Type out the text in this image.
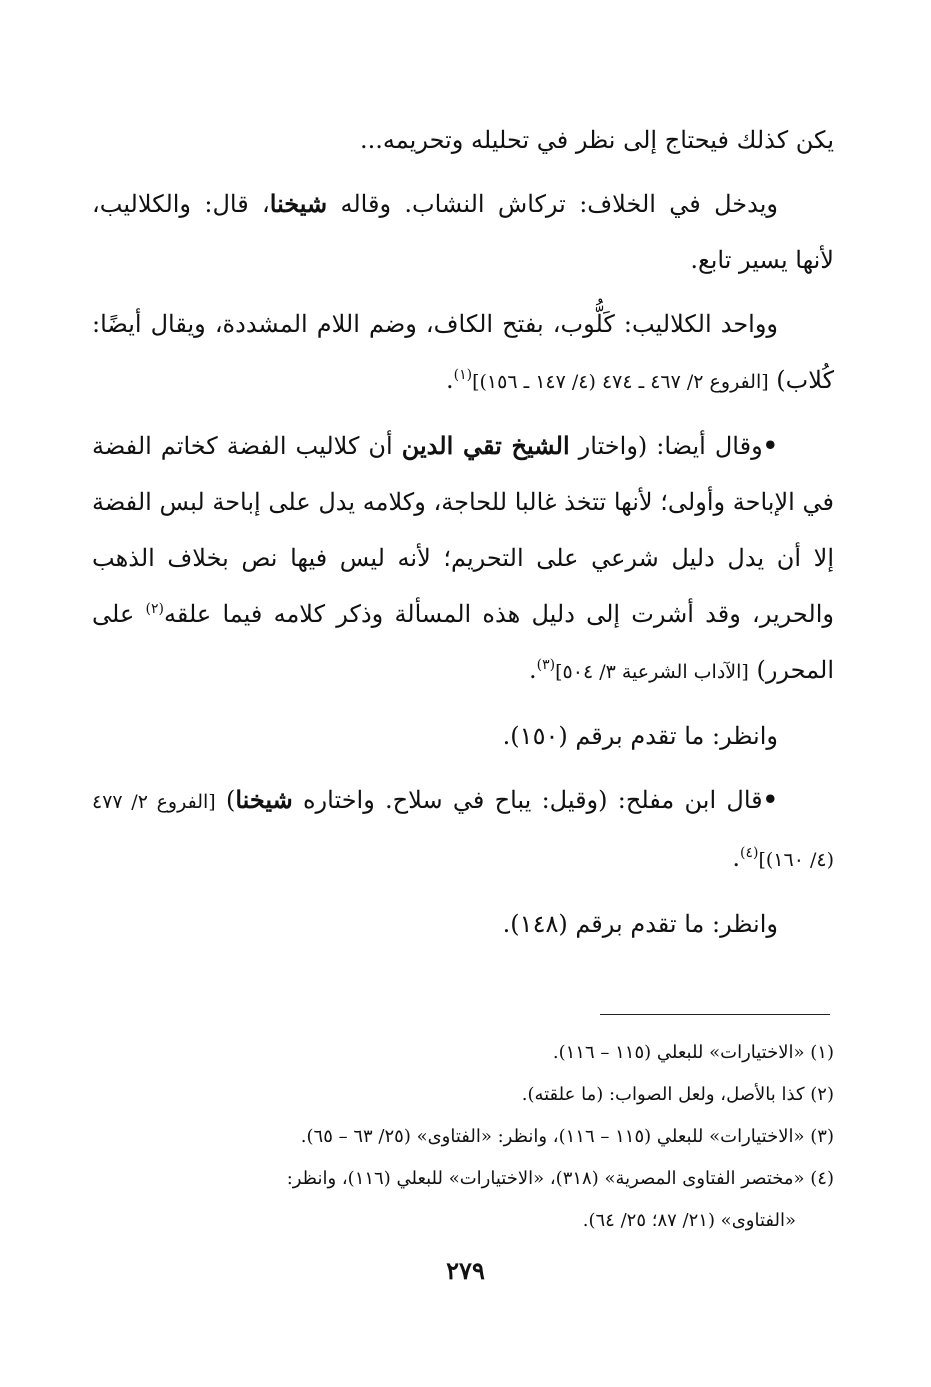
يكن كذلك فيحتاج إلى نظر في تحليله وتحريمه...

ويدخل في الخلاف: تركاش النشاب. وقاله شيخنا، قال: والكلاليب، لأنها يسير تابع.

وواحد الكلاليب: كَلُّوب، بفتح الكاف، وضم اللام المشددة، ويقال أيضًا: كُلاب) [الفروع ٢/ ٤٦٧ ـ ٤٧٤ (٤/ ١٤٧ ـ ١٥٦)]$^{(١)}$.

•وقال أيضا: (واختار الشيخ تقي الدين أن كلاليب الفضة كخاتم الفضة في الإباحة وأولى؛ لأنها تتخذ غالبا للحاجة، وكلامه يدل على إباحة لبس الفضة إلا أن يدل دليل شرعي على التحريم؛ لأنه ليس فيها نص بخلاف الذهب والحرير، وقد أشرت إلى دليل هذه المسألة وذكر كلامه فيما علقه$^{(٢)}$ على المحرر) [الآداب الشرعية ٣/ ٥٠٤]$^{(٣)}$.

وانظر: ما تقدم برقم (١٥٠).

•قال ابن مفلح: (وقيل: يباح في سلاح. واختاره شيخنا) [الفروع ٢/ ٤٧٧ (٤/ ١٦٠)]$^{(٤)}$.

وانظر: ما تقدم برقم (١٤٨).

(١) «الاختيارات» للبعلي (١١٥ – ١١٦).

(٢) كذا بالأصل، ولعل الصواب: (ما علقته).

(٣) «الاختيارات» للبعلي (١١٥ – ١١٦)، وانظر: «الفتاوى» (٢٥/ ٦٣ – ٦٥).

(٤) «مختصر الفتاوى المصرية» (٣١٨)، «الاختيارات» للبعلي (١١٦)، وانظر:

«الفتاوى» (٢١/ ٨٧؛ ٢٥/ ٦٤).

٢٧٩
